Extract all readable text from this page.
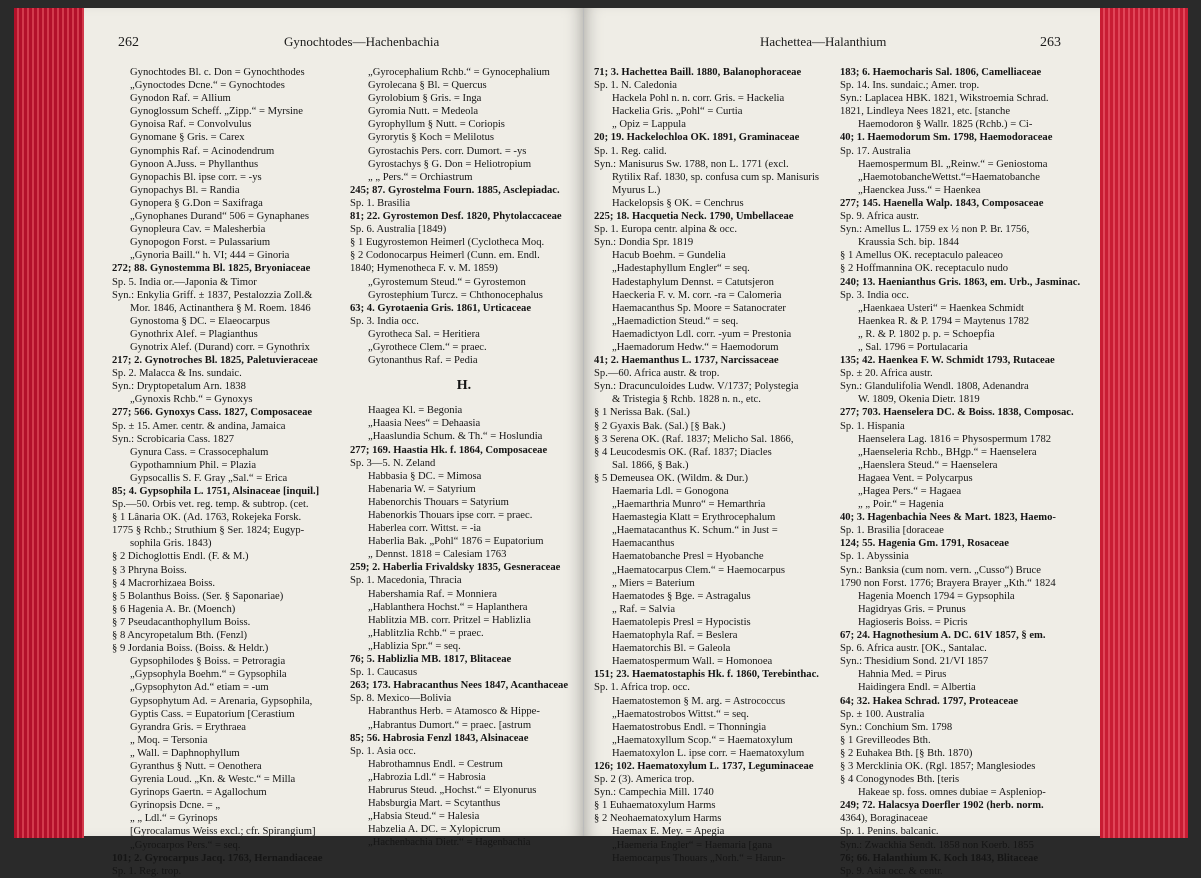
262	Gynochtodes—Hachenbachia
Gynochtodes Bl. c. Don = Gynochthodes
„Gynoctodes Dcne.“ = Gynochtodes
Gynodon Raf. = Allium
Gynoglossum Scheff. „Zipp.“ = Myrsine
Gynoisa Raf. = Convolvulus
Gynomane § Gris. = Carex
Gynomphis Raf. = Acinodendrum
Gynoon A.Juss. = Phyllanthus
Gynopachis Bl. ipse corr. = -ys
Gynopachys Bl. = Randia
Gynopera § G.Don = Saxifraga
„Gynophanes Durand“ 506 = Gynaphanes
Gynopleura Cav. = Malesherbia
Gynopogon Forst. = Pulassarium
„Gynoria Baill.“ h. VI; 444 = Ginoria
272; 88. Gynostemma Bl. 1825, Bryoniaceae
Sp. 5. India or.—Japonia & Timor
Syn.: Enkylia Griff. ± 1837, Pestalozzia Zoll.&
Mor. 1846, Actinanthera § M. Roem. 1846
Gynostoma § DC. = Elaeocarpus
Gynothrix Alef. = Plagianthus
Gynotrix Alef. (Durand) corr. = Gynothrix
217; 2. Gynotroches Bl. 1825, Paletuvieraceae
Sp. 2. Malacca & Ins. sundaic.
Syn.: Dryptopetalum Arn. 1838
„Gynoxis Rchb.“ = Gynoxys
277; 566. Gynoxys Cass. 1827, Composaceae
Sp. ± 15. Amer. centr. & andina, Jamaica
Syn.: Scrobicaria Cass. 1827
Gynura Cass. = Crassocephalum
Gypothamnium Phil. = Plazia
Gypsocallis S. F. Gray „Sal.“ = Erica
85; 4. Gypsophila L. 1751, Alsinaceae [inquil.]
Sp.—50. Orbis vet. reg. temp. & subtrop. (cet.
§ 1 Lânaria OK. (Ad. 1763, Rokejeka Forsk.
1775 § Rchb.; Struthium § Ser. 1824; Eugyp-
sophila Gris. 1843)
§ 2 Dichoglottis Endl. (F. & M.)
§ 3 Phryna Boiss.
§ 4 Macrorhizaea Boiss.
§ 5 Bolanthus Boiss. (Ser. § Saponariae)
§ 6 Hagenia A. Br. (Moench)
§ 7 Pseudacanthophyllum Boiss.
§ 8 Ancyropetalum Bth. (Fenzl)
§ 9 Jordania Boiss. (Boiss. & Heldr.)
Gypsophilodes § Boiss. = Petroragia
„Gypsophyla Boehm.“ = Gypsophila
„Gypsophyton Ad.“ etiam = -um
Gypsophytum Ad. = Arenaria, Gypsophila,
Gyptis Cass. = Eupatorium [Cerastium
Gyrandra Gris. = Erythraea
„ Moq. = Tersonia
„ Wall. = Daphnophyllum
Gyranthus § Nutt. = Oenothera
Gyrenia Loud. „Kn. & Westc.“ = Milla
Gyrinops Gaertn. = Agallochum
Gyrinopsis Dcne. = „
„ „ Ldl.“ = Gyrinops
[Gyrocalamus Weiss excl.; cfr. Spirangium]
„Gyrocarpos Pers.“ = seq.
101; 2. Gyrocarpus Jacq. 1763, Hernandiaceae
Sp. 1. Reg. trop.
„Gyrocephalium Rchb.“ = Gynocephalium
Gyrolecana § Bl. = Quercus
Gyrolobium § Gris. = Inga
Gyromia Nutt. = Medeola
Gyrophyllum § Nutt. = Coriopis
Gyrorytis § Koch = Melilotus
Gyrostachis Pers. corr. Dumort. = -ys
Gyrostachys § G. Don = Heliotropium
„ „ Pers.“ = Orchiastrum
245; 87. Gyrostelma Fourn. 1885, Asclepiadac.
Sp. 1. Brasilia
81; 22. Gyrostemon Desf. 1820, Phytolaccaceae
Sp. 6. Australia [1849)
§ 1 Eugyrostemon Heimerl (Cyclotheca Moq.
§ 2 Codonocarpus Heimerl (Cunn. em. Endl.
1840; Hymenotheca F. v. M. 1859)
„Gyrostemum Steud.“ = Gyrostemon
Gyrostephium Turcz. = Chthonocephalus
63; 4. Gyrotaenia Gris. 1861, Urticaceae
Sp. 3. India occ.
Gyrotheca Sal. = Heritiera
„Gyrothece Clem.“ = praec.
Gytonanthus Raf. = Pedia
H.
Haagea Kl. = Begonia
„Haasia Nees“ = Dehaasia
„Haaslundia Schum. & Th.“ = Hoslundia
277; 169. Haastia Hk. f. 1864, Composaceae
Sp. 3—5. N. Zeland
Habbasia § DC. = Mimosa
Habenaria W. = Satyrium
Habenorchis Thouars = Satyrium
Habenorkis Thouars ipse corr. = praec.
Haberlea corr. Wittst. = -ia
Haberlia Bak. „Pohl“ 1876 = Eupatorium
„ Dennst. 1818 = Calesiam 1763
259; 2. Haberlia Frivaldsky 1835, Gesneraceae
Sp. 1. Macedonia, Thracia
Habershamia Raf. = Monniera
„Hablanthera Hochst.“ = Haplanthera
Hablitzia MB. corr. Pritzel = Hablizlia
„Hablitzlia Rchb.“ = praec.
„Hablizia Spr.“ = seq.
76; 5. Hablizlia MB. 1817, Blitaceae
Sp. 1. Caucasus
263; 173. Habracanthus Nees 1847, Acanthaceae
Sp. 8. Mexico—Bolivia
Habranthus Herb. = Atamosco & Hippe-
„Habrantus Dumort.“ = praec. [astrum
85; 56. Habrosia Fenzl 1843, Alsinaceae
Sp. 1. Asia occ.
Habrothamnus Endl. = Cestrum
„Habrozia Ldl.“ = Habrosia
Habrurus Steud. „Hochst.“ = Elyonurus
Habsburgia Mart. = Scytanthus
„Habsia Steud.“ = Halesia
Habzelia A. DC. = Xylopicrum
„Hachenbachia Dietr.“ = Hagenbachia
Hachettea—Halanthium	263
71; 3. Hachettea Baill. 1880, Balanophoraceae
Sp. 1. N. Caledonia
Hackela Pohl n. n. corr. Gris. = Hackelia
Hackelia Gris. „Pohl“ = Curtia
„ Opiz = Lappula
20; 19. Hackelochloa OK. 1891, Graminaceae
Sp. 1. Reg. calid.
Syn.: Manisurus Sw. 1788, non L. 1771 (excl.
Rytilix Raf. 1830, sp. confusa cum sp. Manisuris
Myurus L.)
Hackelopsis § OK. = Cenchrus
225; 18. Hacquetia Neck. 1790, Umbellaceae
Sp. 1. Europa centr. alpina & occ.
Syn.: Dondia Spr. 1819
Hacub Boehm. = Gundelia
„Hadestaphyllum Engler“ = seq.
Hadestaphylum Dennst. = Catutsjeron
Haeckeria F. v. M. corr. -ra = Calomeria
Haemacanthus Sp. Moore = Satanocrater
„Haemadiction Steud.“ = seq.
Haemadictyon Ldl. corr. -yum = Prestonia
„Haemadorum Hedw.“ = Haemodorum
41; 2. Haemanthus L. 1737, Narcissaceae
Sp.—60. Africa austr. & trop.
Syn.: Dracunculoides Ludw. V/1737; Polystegia
& Tristegia § Rchb. 1828 n. n., etc.
§ 1 Nerissa Bak. (Sal.)
§ 2 Gyaxis Bak. (Sal.) [§ Bak.)
§ 3 Serena OK. (Raf. 1837; Melicho Sal. 1866,
§ 4 Leucodesmis OK. (Raf. 1837; Diacles
Sal. 1866, § Bak.)
§ 5 Demeusea OK. (Wildm. & Dur.)
Haemaria Ldl. = Gonogona
„Haemarthria Munro“ = Hemarthria
Haemastegia Klatt = Erythrocephalum
„Haematacanthus K. Schum.“ in Just =
Haemacanthus
Haematobanche Presl = Hyobanche
„Haematocarpus Clem.“ = Haemocarpus
„ Miers = Baterium
Haematodes § Bge. = Astragalus
„ Raf. = Salvia
Haematolepis Presl = Hypocistis
Haematophyla Raf. = Beslera
Haematorchis Bl. = Galeola
Haematospermum Wall. = Homonoea
151; 23. Haematostaphis Hk. f. 1860, Terebinthac.
Sp. 1. Africa trop. occ.
Haematostemon § M. arg. = Astrococcus
„Haematostrobos Wittst.“ = seq.
Haematostrobus Endl. = Thonningia
„Haematoxyllum Scop.“ = Haematoxylum
Haematoxylon L. ipse corr. = Haematoxylum
126; 102. Haematoxylum L. 1737, Leguminaceae
Sp. 2 (3). America trop.
Syn.: Campechia Mill. 1740
§ 1 Euhaematoxylum Harms
§ 2 Neohaematoxylum Harms
Haemax E. Mey. = Apegia
„Haemeria Engler“ = Haemaria [gana
Haemocarpus Thouars „Norh.“ = Harun-
183; 6. Haemocharis Sal. 1806, Camelliaceae
Sp. 14. Ins. sundaic.; Amer. trop.
Syn.: Laplacea HBK. 1821, Wikstroemia Schrad.
1821, Lindleya Nees 1821, etc. [stanche
Haemodoron § Wallr. 1825 (Rchb.) = Ci-
40; 1. Haemodorum Sm. 1798, Haemodoraceae
Sp. 17. Australia
Haemospermum Bl. „Reinw.“ = Geniostoma
„HaemotobancheWettst.“=Haematobanche
„Haenckea Juss.“ = Haenkea
277; 145. Haenella Walp. 1843, Composaceae
Sp. 9. Africa austr.
Syn.: Amellus L. 1759 ex ½ non P. Br. 1756,
Kraussia Sch. bip. 1844
§ 1 Amellus OK. receptaculo paleaceo
§ 2 Hoffmannina OK. receptaculo nudo
240; 13. Haenianthus Gris. 1863, em. Urb., Jasminac.
Sp. 3. India occ.
„Haenkaea Usteri“ = Haenkea Schmidt
Haenkea R. & P. 1794 = Maytenus 1782
„ R. & P. 1802 p. p. = Schoepfia
„ Sal. 1796 = Portulacaria
135; 42. Haenkea F. W. Schmidt 1793, Rutaceae
Sp. ± 20. Africa austr.
Syn.: Glandulifolia Wendl. 1808, Adenandra
W. 1809, Okenia Dietr. 1819
277; 703. Haenselera DC. & Boiss. 1838, Composac.
Sp. 1. Hispania
Haenselera Lag. 1816 = Physospermum 1782
„Haenseleria Rchb., BHgp.“ = Haenselera
„Haenslera Steud.“ = Haenselera
Hagaea Vent. = Polycarpus
„Hagea Pers.“ = Hagaea
„ „ Poir.“ = Hagenia
40; 3. Hagenbachia Nees & Mart. 1823, Haemo-
Sp. 1. Brasilia [doraceae
124; 55. Hagenia Gm. 1791, Rosaceae
Sp. 1. Abyssinia
Syn.: Banksia (cum nom. vern. „Cusso“) Bruce
1790 non Forst. 1776; Brayera Brayer „Kth.“ 1824
Hagenia Moench 1794 = Gypsophila
Hagidryas Gris. = Prunus
Hagioseris Boiss. = Picris
67; 24. Hagnothesium A. DC. 61V 1857, § em.
Sp. 6. Africa austr. [OK., Santalac.
Syn.: Thesidium Sond. 21/VI 1857
Hahnia Med. = Pirus
Haidingera Endl. = Albertia
64; 32. Hakea Schrad. 1797, Proteaceae
Sp. ± 100. Australia
Syn.: Conchium Sm. 1798
§ 1 Grevilleodes Bth.
§ 2 Euhakea Bth. [§ Bth. 1870)
§ 3 Mercklinia OK. (Rgl. 1857; Manglesiodes
§ 4 Conogynodes Bth. [teris
Hakeae sp. foss. omnes dubiae = Aspleniop-
249; 72. Halacsya Doerfler 1902 (herb. norm.
4364), Boraginaceae
Sp. 1. Penins. balcanic.
Syn.: Zwackhia Sendt. 1858 non Koerb. 1855
76; 66. Halanthium K. Koch 1843, Blitaceae
Sp. 9. Asia occ. & centr.
